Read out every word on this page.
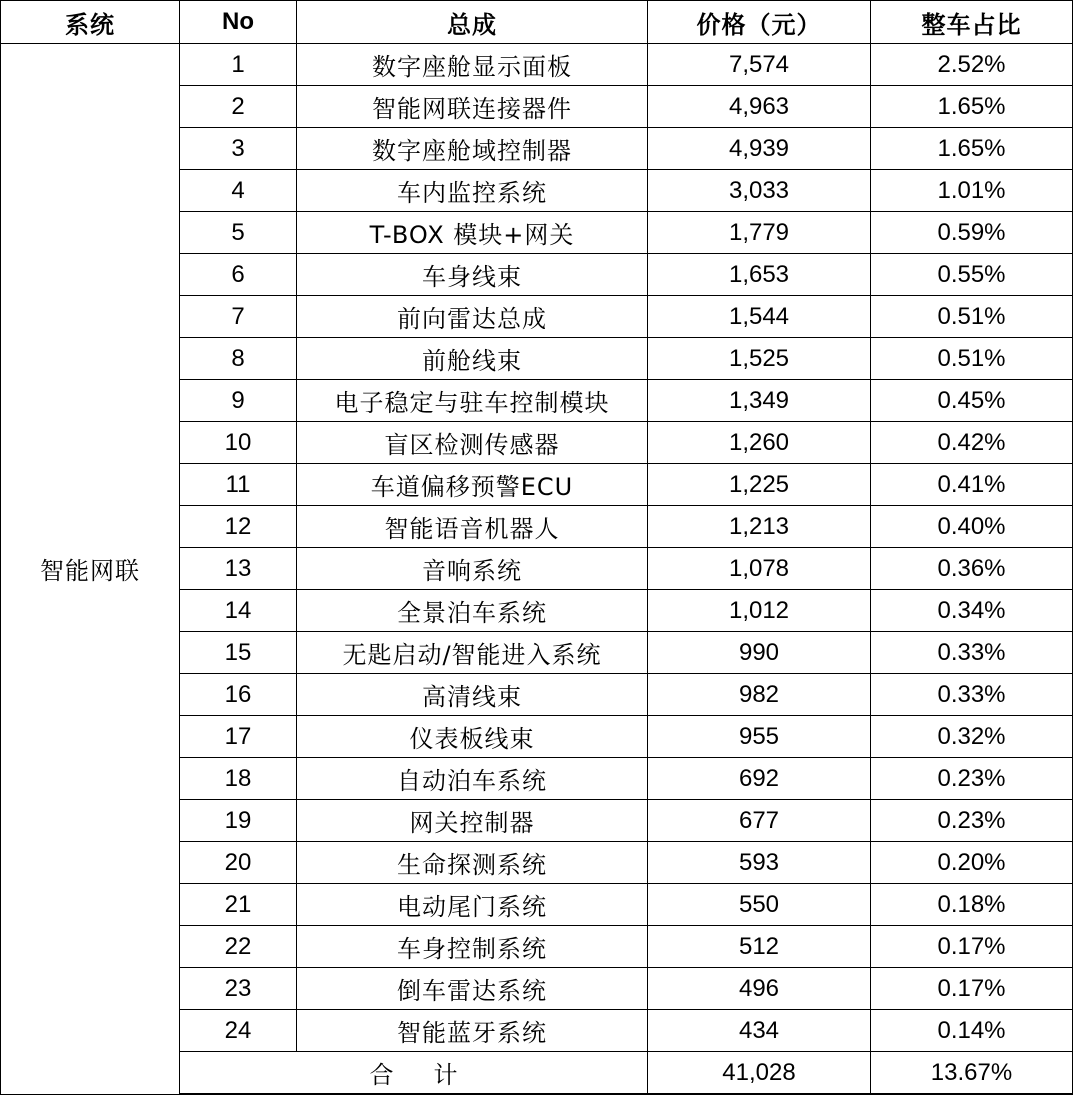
系统	No	总成	价格（元）	整车占比
智能网联	1	数字座舱显示面板	7,574	2.52%
	2	智能网联连接器件	4,963	1.65%
	3	数字座舱域控制器	4,939	1.65%
	4	车内监控系统	3,033	1.01%
	5	T-BOX 模块+网关	1,779	0.59%
	6	车身线束	1,653	0.55%
	7	前向雷达总成	1,544	0.51%
	8	前舱线束	1,525	0.51%
	9	电子稳定与驻车控制模块	1,349	0.45%
	10	盲区检测传感器	1,260	0.42%
	11	车道偏移预警ECU	1,225	0.41%
	12	智能语音机器人	1,213	0.40%
	13	音响系统	1,078	0.36%
	14	全景泊车系统	1,012	0.34%
	15	无匙启动/智能进入系统	990	0.33%
	16	高清线束	982	0.33%
	17	仪表板线束	955	0.32%
	18	自动泊车系统	692	0.23%
	19	网关控制器	677	0.23%
	20	生命探测系统	593	0.20%
	21	电动尾门系统	550	0.18%
	22	车身控制系统	512	0.17%
	23	倒车雷达系统	496	0.17%
	24	智能蓝牙系统	434	0.14%
	合 计		41,028	13.67%
